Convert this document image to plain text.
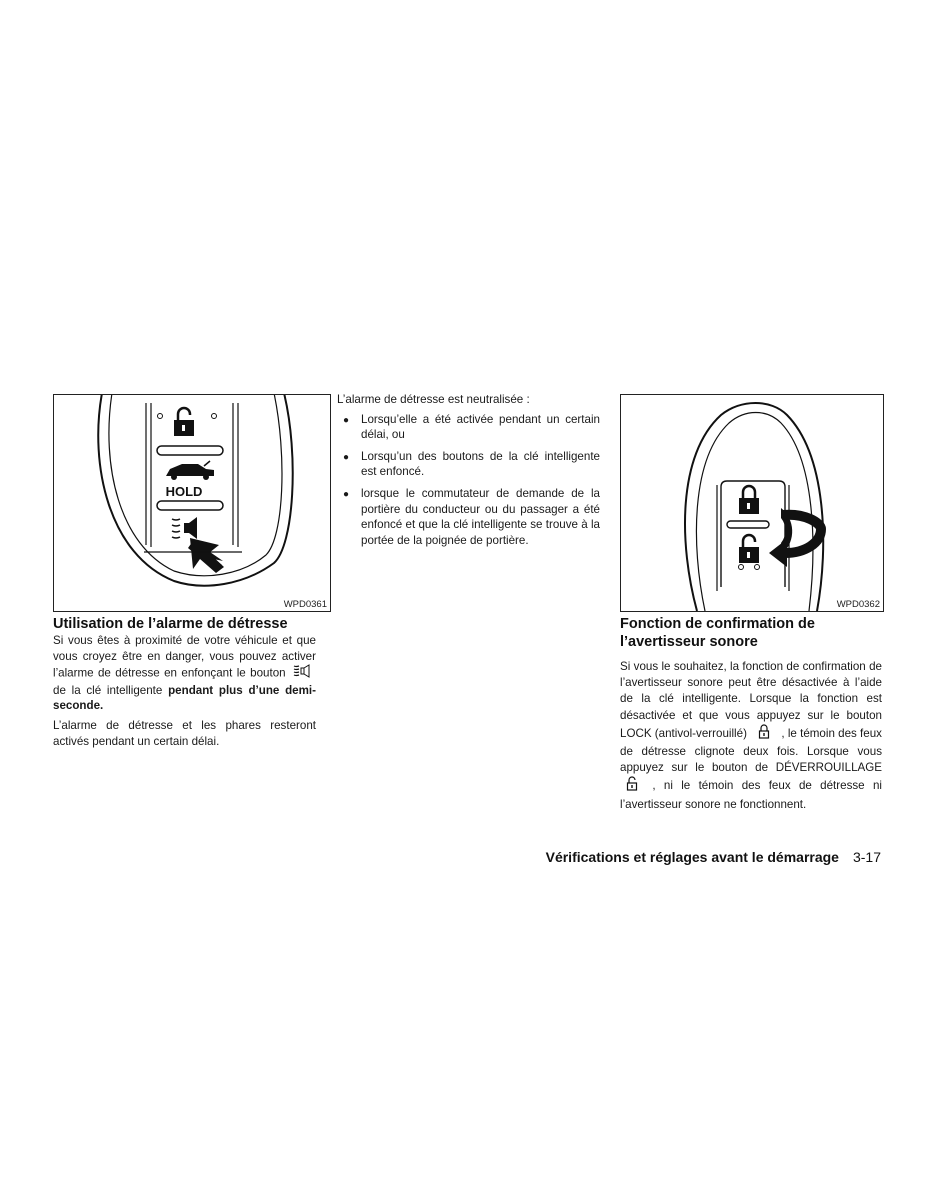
HOLD
WPD0361
Utilisation de l’alarme de détresse

Si vous êtes à proximité de votre véhicule et que vous croyez être en danger, vous pouvez activer l’alarme de détresse en enfonçant le bouton  de la clé intelligente pendant plus d’une demi-seconde.

L’alarme de détresse et les phares resteront activés pendant un certain délai.

L’alarme de détresse est neutralisée :

● Lorsqu’elle a été activée pendant un certain délai, ou
● Lorsqu’un des boutons de la clé intelligente est enfoncé.
● lorsque le commutateur de demande de la portière du conducteur ou du passager a été enfoncé et que la clé intelligente se trouve à la portée de la poignée de portière.
WPD0362
Fonction de confirmation de
l’avertisseur sonore

Si vous le souhaitez, la fonction de confirmation de l’avertisseur sonore peut être désactivée à l’aide de la clé intelligente. Lorsque la fonction est désactivée et que vous appuyez sur le bouton LOCK (antivol-verrouillé)	, le témoin des feux de détresse clignote deux fois. Lorsque vous appuyez sur le bouton de DÉVERROUILLAGE  , ni le témoin des feux de détresse ni l’avertisseur sonore ne fonctionnent.

Vérifications et réglages avant le démarrage 3-17
